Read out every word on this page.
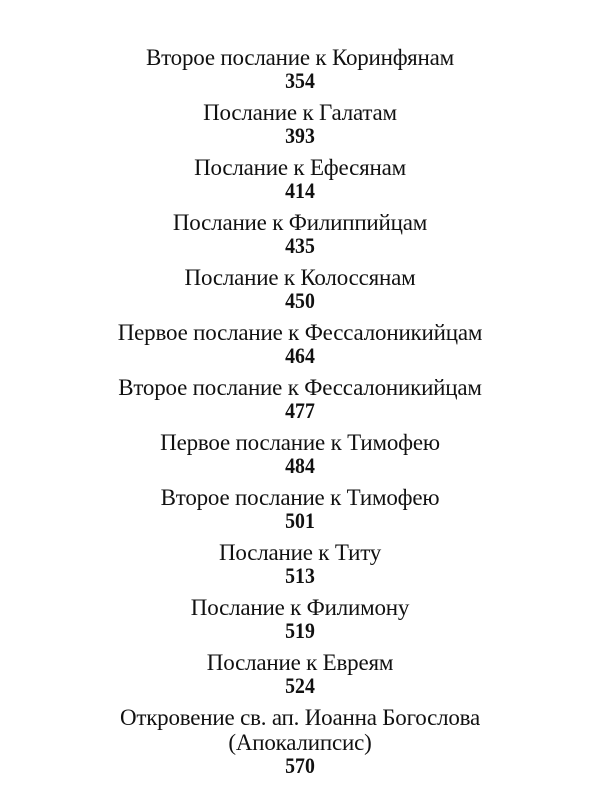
Второе послание к Коринфянам
354
Послание к Галатам
393
Послание к Ефесянам
414
Послание к Филиппийцам
435
Послание к Колоссянам
450
Первое послание к Фессалоникийцам
464
Второе послание к Фессалоникийцам
477
Первое послание к Тимофею
484
Второе послание к Тимофею
501
Послание к Титу
513
Послание к Филимону
519
Послание к Евреям
524
Откровение св. ап. Иоанна Богослова
(Апокалипсис)
570
